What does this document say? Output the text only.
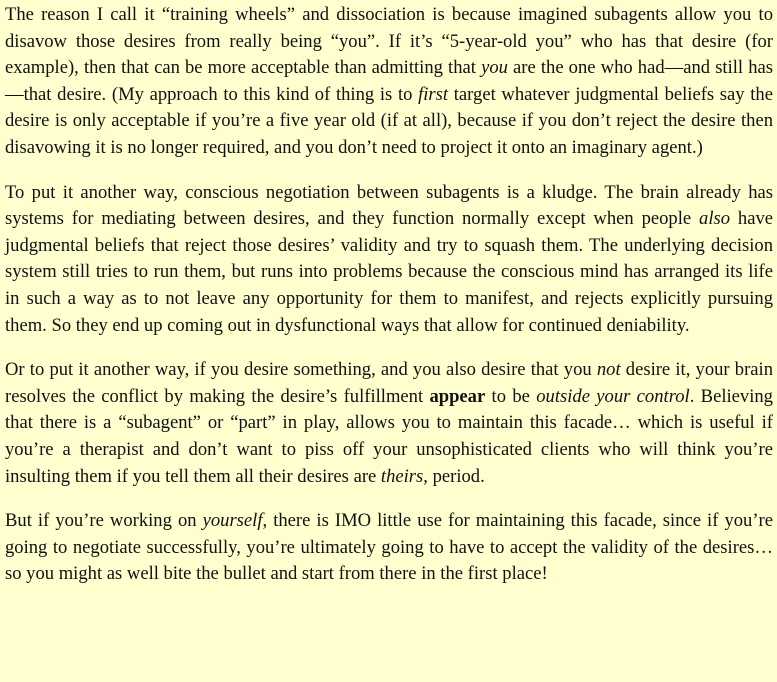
The reason I call it “training wheels” and dissociation is because imagined subagents allow you to disavow those desires from really being “you”. If it’s “5-year-old you” who has that desire (for example), then that can be more acceptable than admitting that you are the one who had—and still has—that desire. (My approach to this kind of thing is to first target whatever judgmental beliefs say the desire is only acceptable if you’re a five year old (if at all), because if you don’t reject the desire then disavowing it is no longer required, and you don’t need to project it onto an imaginary agent.)

To put it another way, conscious negotiation between subagents is a kludge. The brain already has systems for mediating between desires, and they function normally except when people also have judgmental beliefs that reject those desires’ validity and try to squash them. The underlying decision system still tries to run them, but runs into problems because the conscious mind has arranged its life in such a way as to not leave any opportunity for them to manifest, and rejects explicitly pursuing them. So they end up coming out in dysfunctional ways that allow for continued deniability.

Or to put it another way, if you desire something, and you also desire that you not desire it, your brain resolves the conflict by making the desire’s fulfillment appear to be outside your control. Believing that there is a “subagent” or “part” in play, allows you to maintain this facade… which is useful if you’re a therapist and don’t want to piss off your unsophisticated clients who will think you’re insulting them if you tell them all their desires are theirs, period.

But if you’re working on yourself, there is IMO little use for maintaining this facade, since if you’re going to negotiate successfully, you’re ultimately going to have to accept the validity of the desires… so you might as well bite the bullet and start from there in the first place!
